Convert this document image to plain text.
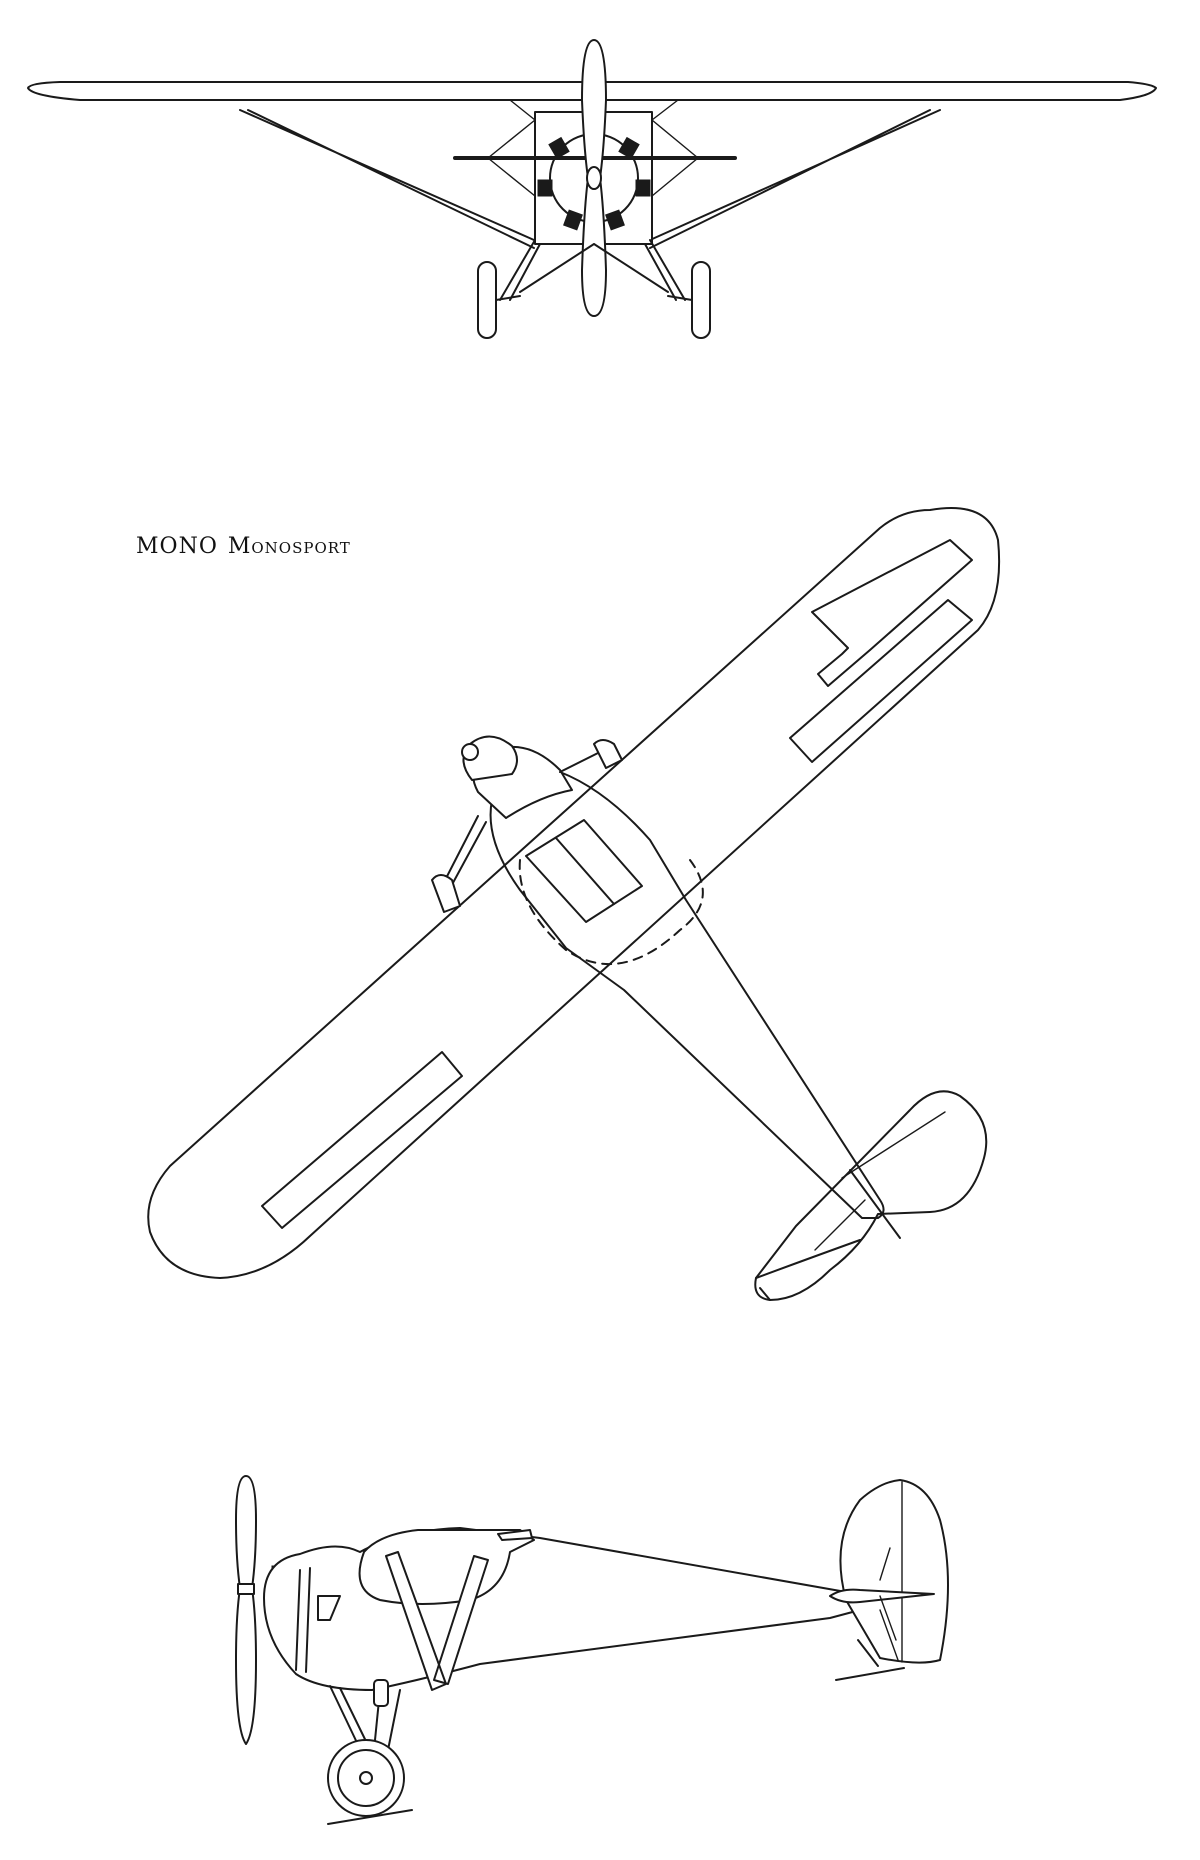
MONO Monosport
